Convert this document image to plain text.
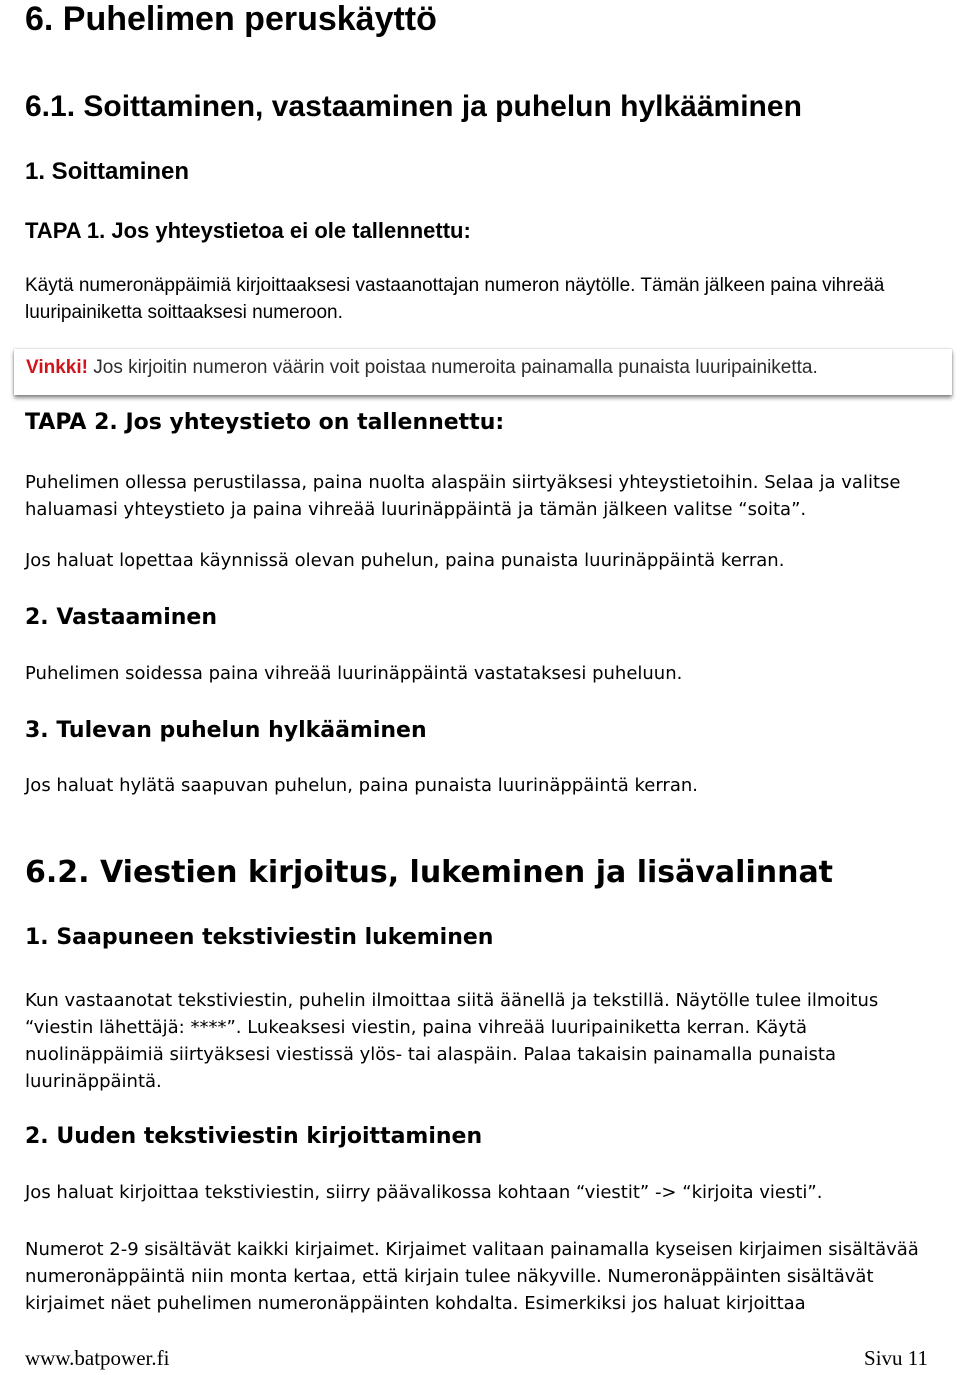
6. Puhelimen peruskäyttö
6.1. Soittaminen, vastaaminen ja puhelun hylkääminen
1. Soittaminen
TAPA 1. Jos yhteystietoa ei ole tallennettu:

Käytä numeronäppäimiä kirjoittaaksesi vastaanottajan numeron näytölle. Tämän jälkeen paina vihreää luuripainiketta soittaaksesi numeroon.

Vinkki! Jos kirjoitin numeron väärin voit poistaa numeroita painamalla punaista luuripainiketta.
TAPA 2. Jos yhteystieto on tallennettu:

Puhelimen ollessa perustilassa, paina nuolta alaspäin siirtyäksesi yhteystietoihin. Selaa ja valitse haluamasi yhteystieto ja paina vihreää luurinäppäintä ja tämän jälkeen valitse “soita”.

Jos haluat lopettaa käynnissä olevan puhelun, paina punaista luurinäppäintä kerran.

2. Vastaaminen

Puhelimen soidessa paina vihreää luurinäppäintä vastataksesi puheluun.

3. Tulevan puhelun hylkääminen

Jos haluat hylätä saapuvan puhelun, paina punaista luurinäppäintä kerran.

6.2. Viestien kirjoitus, lukeminen ja lisävalinnat
1. Saapuneen tekstiviestin lukeminen

Kun vastaanotat tekstiviestin, puhelin ilmoittaa siitä äänellä ja tekstillä. Näytölle tulee ilmoitus “viestin lähettäjä: ****”. Lukeaksesi viestin, paina vihreää luuripainiketta kerran. Käytä nuolinäppäimiä siirtyäksesi viestissä ylös- tai alaspäin. Palaa takaisin painamalla punaista luurinäppäintä.

2. Uuden tekstiviestin kirjoittaminen

Jos haluat kirjoittaa tekstiviestin, siirry päävalikossa kohtaan “viestit” -> “kirjoita viesti”.

Numerot 2-9 sisältävät kaikki kirjaimet. Kirjaimet valitaan painamalla kyseisen kirjaimen sisältävää numeronäppäintä niin monta kertaa, että kirjain tulee näkyville. Numeronäppäinten sisältävät kirjaimet näet puhelimen numeronäppäinten kohdalta. Esimerkiksi jos haluat kirjoittaa

www.batpower.fi	Sivu 11
